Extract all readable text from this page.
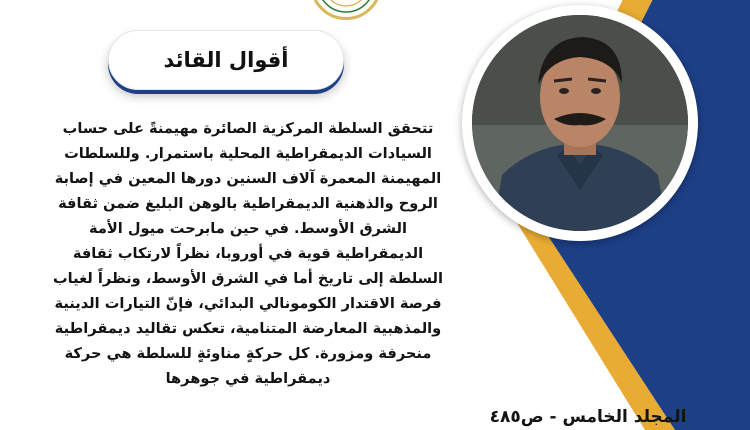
أقوال القائد
تتحقق السلطة المركزية الصائرة مهيمنةً على حساب
السيادات الديمقراطية المحلية باستمرار. وللسلطات
المهيمنة المعمرة آلاف السنين دورها المعين في إصابة
الروح والذهنية الديمقراطية بالوهن البليغ ضمن ثقافة
الشرق الأوسط. في حين مابرحت ميول الأمة
الديمقراطية قوية في أوروبا، نظراً لارتكاب ثقافة
السلطة إلى تاريخ أما في الشرق الأوسط، ونظراً لغياب
فرصة الاقتدار الكومونالي البدائي، فإنّ التيارات الدينية
والمذهبية المعارضة المتنامية، تعكس تقاليد ديمقراطية
منحرفة ومزورة. كل حركةٍ مناوئةٍ للسلطة هي حركة
ديمقراطية في جوهرها
المجلد الخامس - ص٤٨٥
